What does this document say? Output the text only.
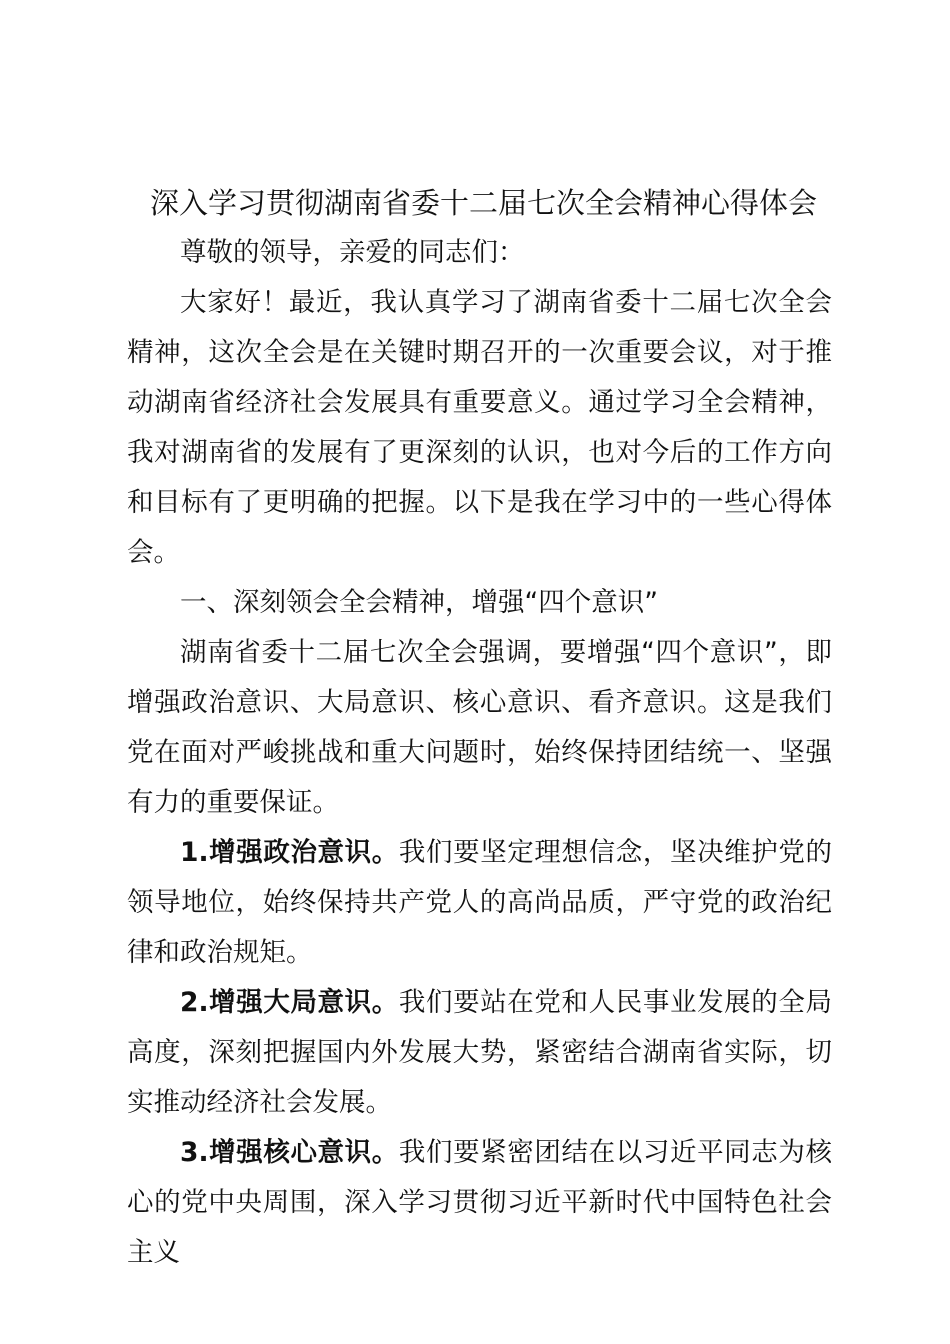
深入学习贯彻湖南省委十二届七次全会精神心得体会

尊敬的领导，亲爱的同志们：

大家好！最近，我认真学习了湖南省委十二届七次全会精神，这次全会是在关键时期召开的一次重要会议，对于推动湖南省经济社会发展具有重要意义。通过学习全会精神，我对湖南省的发展有了更深刻的认识，也对今后的工作方向和目标有了更明确的把握。以下是我在学习中的一些心得体会。

一、深刻领会全会精神，增强“四个意识”

湖南省委十二届七次全会强调，要增强“四个意识”，即增强政治意识、大局意识、核心意识、看齐意识。这是我们党在面对严峻挑战和重大问题时，始终保持团结统一、坚强有力的重要保证。

1.增强政治意识。我们要坚定理想信念，坚决维护党的领导地位，始终保持共产党人的高尚品质，严守党的政治纪律和政治规矩。

2.增强大局意识。我们要站在党和人民事业发展的全局高度，深刻把握国内外发展大势，紧密结合湖南省实际，切实推动经济社会发展。

3.增强核心意识。我们要紧密团结在以习近平同志为核心的党中央周围，深入学习贯彻习近平新时代中国特色社会主义
